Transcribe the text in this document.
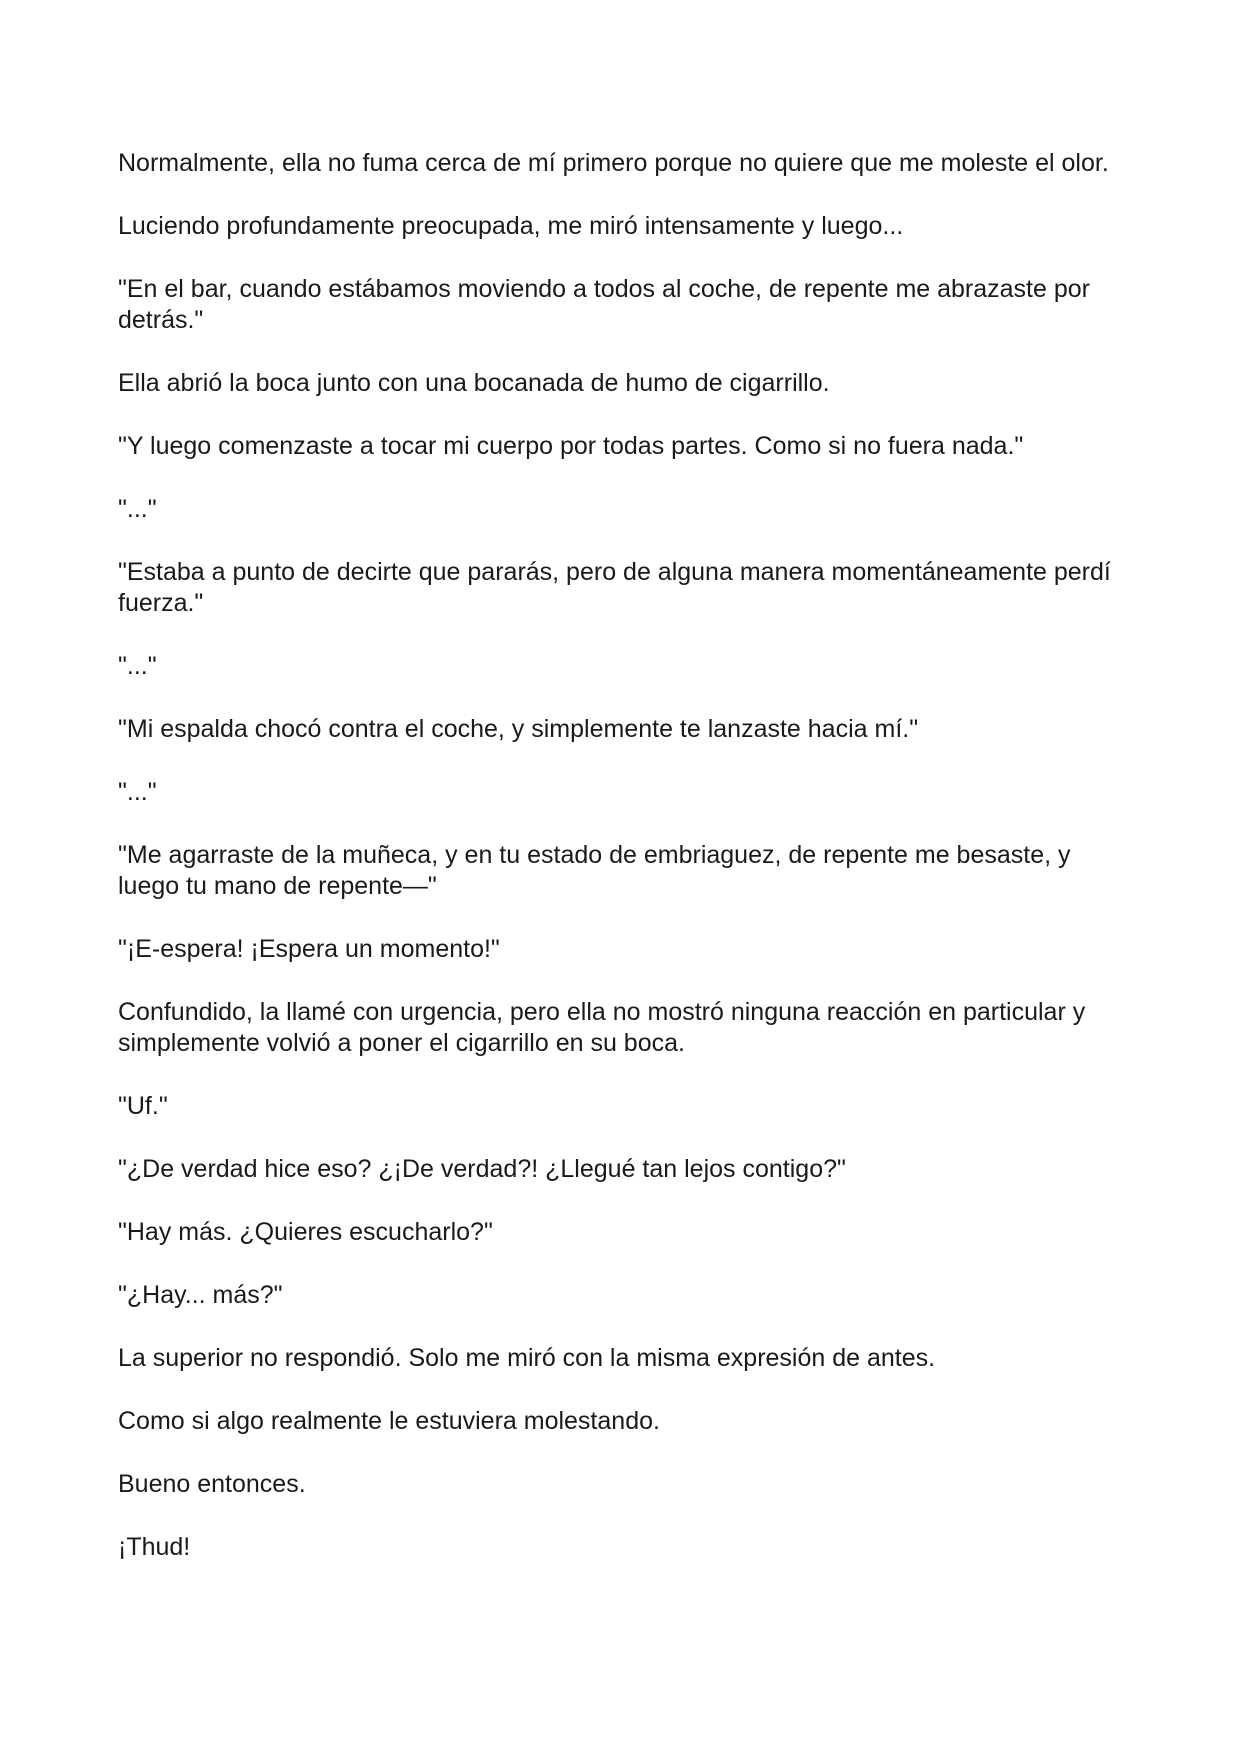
Normalmente, ella no fuma cerca de mí primero porque no quiere que me moleste el olor.

Luciendo profundamente preocupada, me miró intensamente y luego...

"En el bar, cuando estábamos moviendo a todos al coche, de repente me abrazaste por detrás."

Ella abrió la boca junto con una bocanada de humo de cigarrillo.

"Y luego comenzaste a tocar mi cuerpo por todas partes. Como si no fuera nada."

"..."

"Estaba a punto de decirte que pararás, pero de alguna manera momentáneamente perdí fuerza."

"..."

"Mi espalda chocó contra el coche, y simplemente te lanzaste hacia mí."

"..."

"Me agarraste de la muñeca, y en tu estado de embriaguez, de repente me besaste, y luego tu mano de repente—"

"¡E-espera! ¡Espera un momento!"

Confundido, la llamé con urgencia, pero ella no mostró ninguna reacción en particular y simplemente volvió a poner el cigarrillo en su boca.

"Uf."

"¿De verdad hice eso? ¿¡De verdad?! ¿Llegué tan lejos contigo?"

"Hay más. ¿Quieres escucharlo?"

"¿Hay... más?"

La superior no respondió. Solo me miró con la misma expresión de antes.

Como si algo realmente le estuviera molestando.

Bueno entonces.

¡Thud!
